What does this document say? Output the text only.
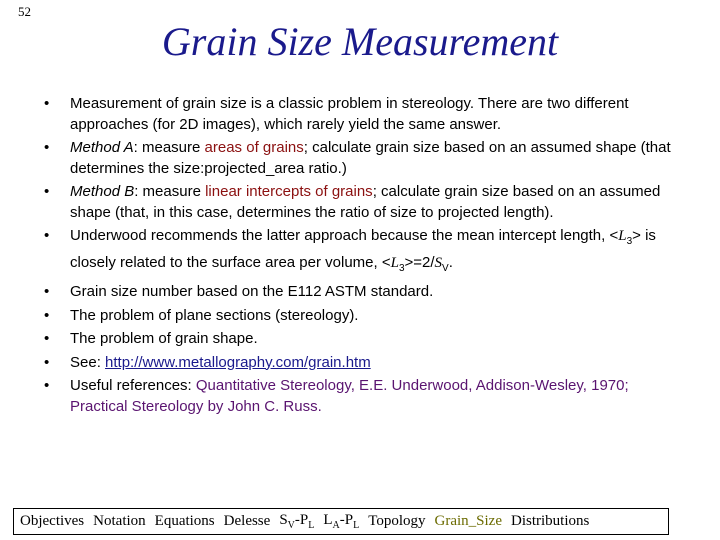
52
Grain Size Measurement
• Measurement of grain size is a classic problem in stereology. There are two different approaches (for 2D images), which rarely yield the same answer.
• Method A: measure areas of grains; calculate grain size based on an assumed shape (that determines the size:projected_area ratio.)
• Method B: measure linear intercepts of grains; calculate grain size based on an assumed shape (that, in this case, determines the ratio of size to projected length).
• Underwood recommends the latter approach because the mean intercept length, $<L_3>$ is closely related to the surface area per volume, $<L_3>=2/S_V$.
• Grain size number based on the E112 ASTM standard.
• The problem of plane sections (stereology).
• The problem of grain shape.
• See: http://www.metallography.com/grain.htm
• Useful references: Quantitative Stereology, E.E. Underwood, Addison-Wesley, 1970; Practical Stereology by John C. Russ.
Objectives Notation Equations Delesse $S_V-P_L$ $L_A-P_L$ Topology Grain_Size Distributions
